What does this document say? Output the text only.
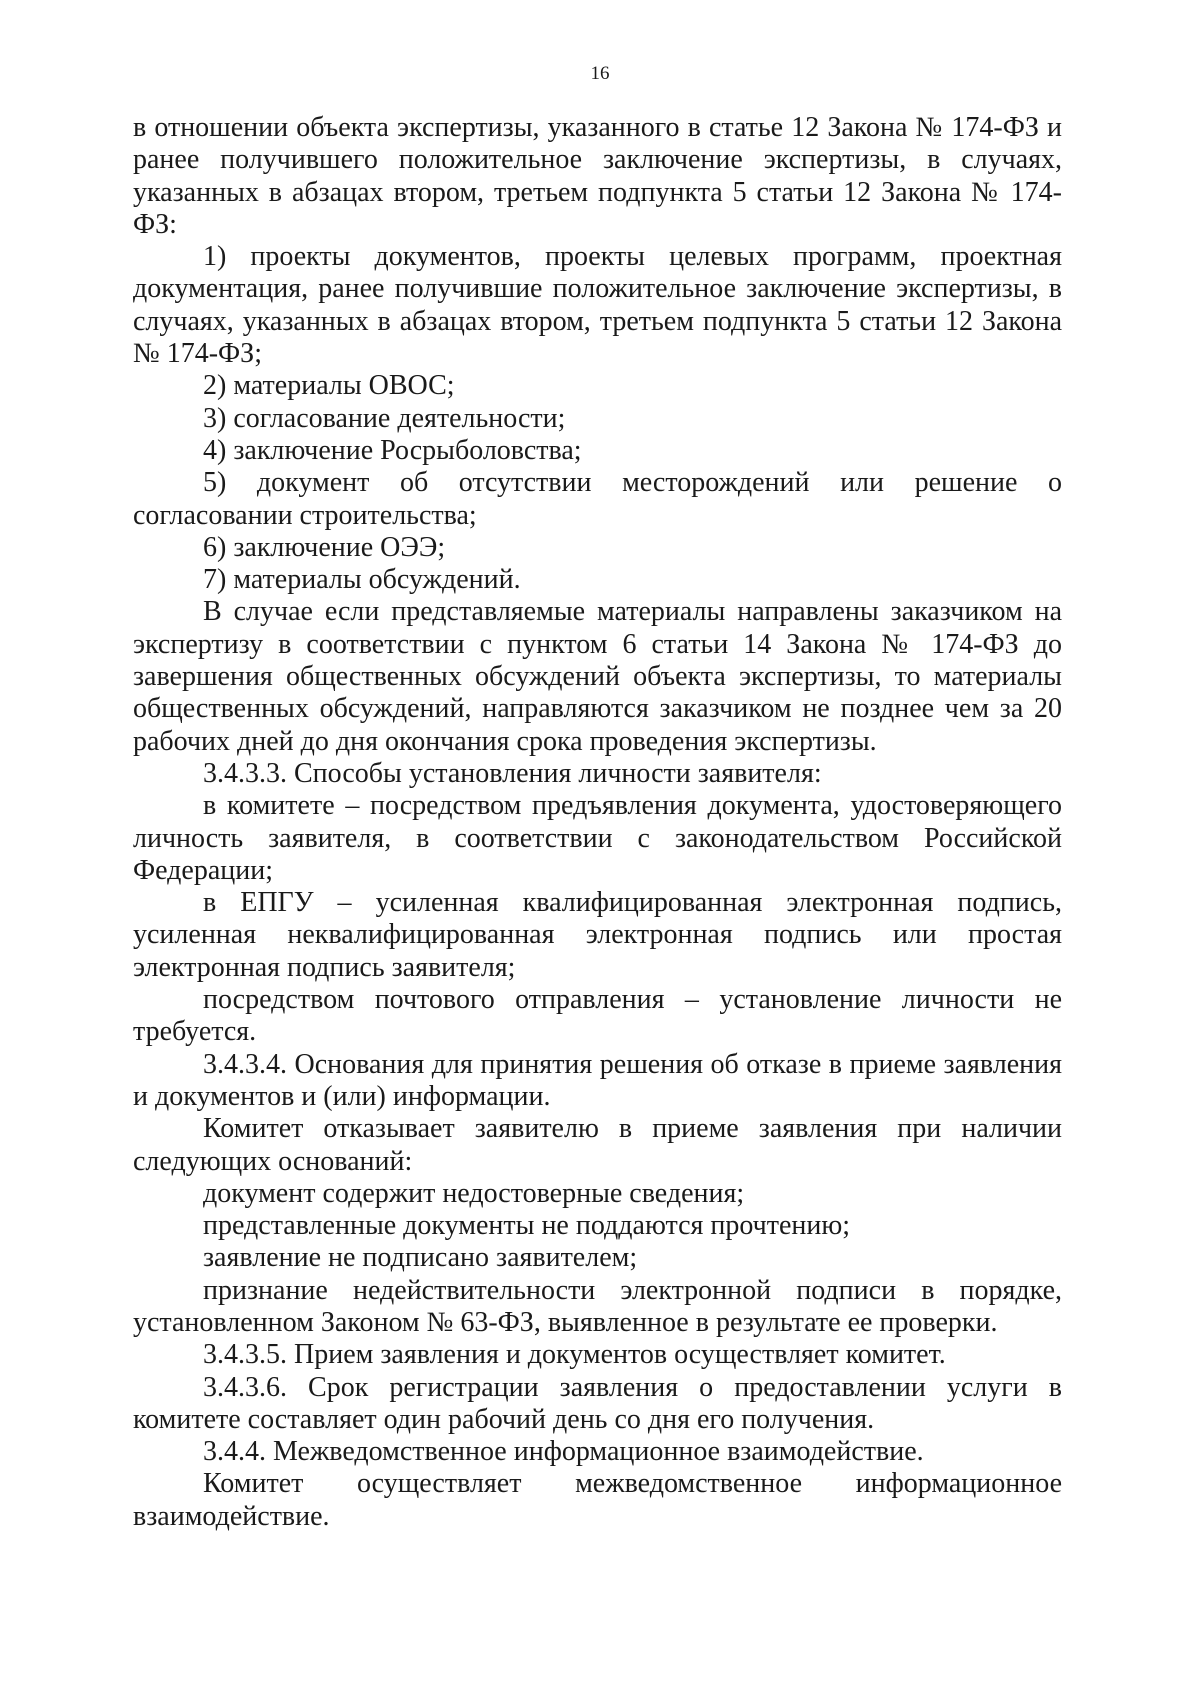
16

в отношении объекта экспертизы, указанного в статье 12 Закона № 174-ФЗ и ранее получившего положительное заключение экспертизы, в случаях, указанных в абзацах втором, третьем подпункта 5 статьи 12 Закона № 174-ФЗ:

1) проекты документов, проекты целевых программ, проектная документация, ранее получившие положительное заключение экспертизы, в случаях, указанных в абзацах втором, третьем подпункта 5 статьи 12 Закона № 174-ФЗ;

2) материалы ОВОС;

3) согласование деятельности;

4) заключение Росрыболовства;

5) документ об отсутствии месторождений или решение о согласовании строительства;

6) заключение ОЭЭ;

7) материалы обсуждений.

В случае если представляемые материалы направлены заказчиком на экспертизу в соответствии с пунктом 6 статьи 14 Закона № 174-ФЗ до завершения общественных обсуждений объекта экспертизы, то материалы общественных обсуждений, направляются заказчиком не позднее чем за 20 рабочих дней до дня окончания срока проведения экспертизы.

3.4.3.3. Способы установления личности заявителя:

в комитете – посредством предъявления документа, удостоверяющего личность заявителя, в соответствии с законодательством Российской Федерации;

в ЕПГУ – усиленная квалифицированная электронная подпись, усиленная неквалифицированная электронная подпись или простая электронная подпись заявителя;

посредством почтового отправления – установление личности не требуется.

3.4.3.4. Основания для принятия решения об отказе в приеме заявления и документов и (или) информации.

Комитет отказывает заявителю в приеме заявления при наличии следующих оснований:

документ содержит недостоверные сведения;

представленные документы не поддаются прочтению;

заявление не подписано заявителем;

признание недействительности электронной подписи в порядке, установленном Законом № 63-ФЗ, выявленное в результате ее проверки.

3.4.3.5. Прием заявления и документов осуществляет комитет.

3.4.3.6. Срок регистрации заявления о предоставлении услуги в комитете составляет один рабочий день со дня его получения.

3.4.4. Межведомственное информационное взаимодействие.

Комитет осуществляет межведомственное информационное взаимодействие.
